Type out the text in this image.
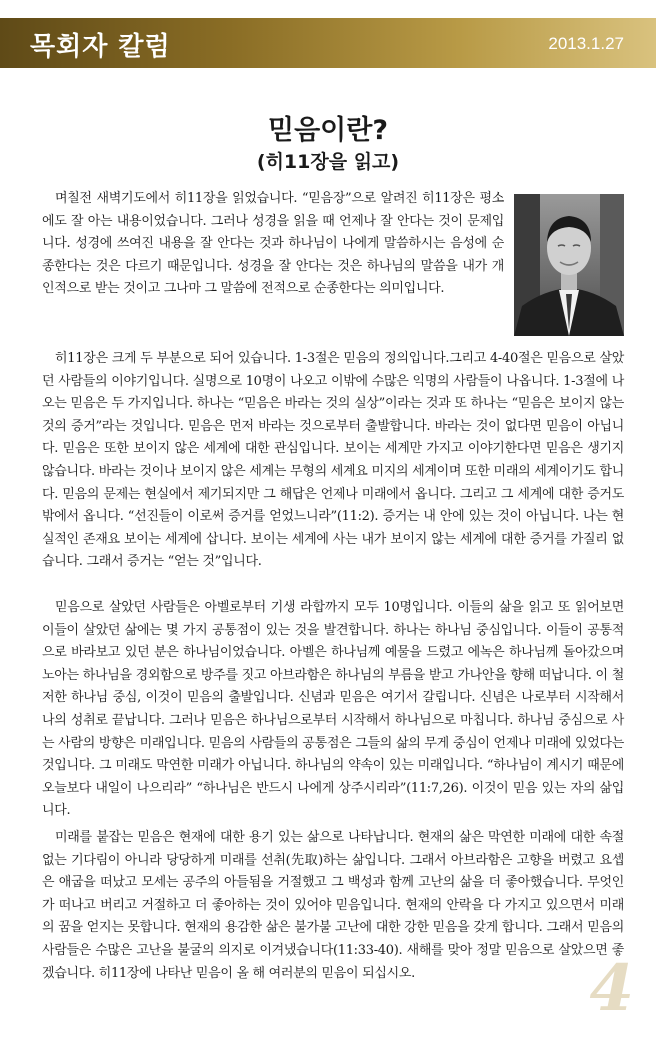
목회자 칼럼	2013.1.27
믿음이란?
(히11장을 읽고)

며칠전 새벽기도에서 히11장을 읽었습니다. “믿음장”으로 알려진 히11장은 평소에도 잘 아는 내용이었습니다. 그러나 성경을 읽을 때 언제나 잘 안다는 것이 문제입니다. 성경에 쓰여진 내용을 잘 안다는 것과 하나님이 나에게 말씀하시는 음성에 순종한다는 것은 다르기 때문입니다. 성경을 잘 안다는 것은 하나님의 말씀을 내가 개인적으로 받는 것이고 그나마 그 말씀에 전적으로 순종한다는 의미입니다.

히11장은 크게 두 부분으로 되어 있습니다. 1-3절은 믿음의 정의입니다.그리고 4-40절은 믿음으로 살았던 사람들의 이야기입니다. 실명으로 10명이 나오고 이밖에 수많은 익명의 사람들이 나옵니다. 1-3절에 나오는 믿음은 두 가지입니다. 하나는 “믿음은 바라는 것의 실상”이라는 것과 또 하나는 “믿음은 보이지 않는 것의 증거”라는 것입니다. 믿음은 먼저 바라는 것으로부터 출발합니다. 바라는 것이 없다면 믿음이 아닙니다. 믿음은 또한 보이지 않은 세계에 대한 관심입니다. 보이는 세계만 가지고 이야기한다면 믿음은 생기지 않습니다. 바라는 것이나 보이지 않은 세계는 무형의 세계요 미지의 세계이며 또한 미래의 세계이기도 합니다. 믿음의 문제는 현실에서 제기되지만 그 해답은 언제나 미래에서 옵니다. 그리고 그 세계에 대한 증거도 밖에서 옵니다. “선진들이 이로써 증거를 얻었느니라”(11:2). 증거는 내 안에 있는 것이 아닙니다. 나는 현실적인 존재요 보이는 세계에 삽니다. 보이는 세계에 사는 내가 보이지 않는 세계에 대한 증거를 가질리 없습니다. 그래서 증거는 “얻는 것”입니다.

믿음으로 살았던 사람들은 아벨로부터 기생 라합까지 모두 10명입니다. 이들의 삶을 읽고 또 읽어보면 이들이 살았던 삶에는 몇 가지 공통점이 있는 것을 발견합니다. 하나는 하나님 중심입니다. 이들이 공통적으로 바라보고 있던 분은 하나님이었습니다. 아벨은 하나님께 예물을 드렸고 에녹은 하나님께 돌아갔으며 노아는 하나님을 경외함으로 방주를 짓고 아브라함은 하나님의 부름을 받고 가나안을 향해 떠납니다. 이 철저한 하나님 중심, 이것이 믿음의 출발입니다. 신념과 믿음은 여기서 갈립니다. 신념은 나로부터 시작해서 나의 성취로 끝납니다. 그러나 믿음은 하나님으로부터 시작해서 하나님으로 마칩니다. 하나님 중심으로 사는 사람의 방향은 미래입니다. 믿음의 사람들의 공통점은 그들의 삶의 무게 중심이 언제나 미래에 있었다는 것입니다. 그 미래도 막연한 미래가 아닙니다. 하나님의 약속이 있는 미래입니다. “하나님이 계시기 때문에 오늘보다 내일이 나으리라” “하나님은 반드시 나에게 상주시리라”(11:7,26). 이것이 믿음 있는 자의 삶입니다.

미래를 붙잡는 믿음은 현재에 대한 용기 있는 삶으로 나타납니다. 현재의 삶은 막연한 미래에 대한 속절없는 기다림이 아니라 당당하게 미래를 선취(先取)하는 삶입니다. 그래서 아브라함은 고향을 버렸고 요셉은 애굽을 떠났고 모세는 공주의 아들됨을 거절했고 그 백성과 함께 고난의 삶을 더 좋아했습니다. 무엇인가 떠나고 버리고 거절하고 더 좋아하는 것이 있어야 믿음입니다. 현재의 안락을 다 가지고 있으면서 미래의 꿈을 얻지는 못합니다. 현재의 용감한 삶은 불가불 고난에 대한 강한 믿음을 갖게 합니다. 그래서 믿음의 사람들은 수많은 고난을 불굴의 의지로 이겨냈습니다(11:33-40). 새해를 맞아 정말 믿음으로 살았으면 좋겠습니다. 히11장에 나타난 믿음이 올 해 여러분의 믿음이 되십시오.	4
